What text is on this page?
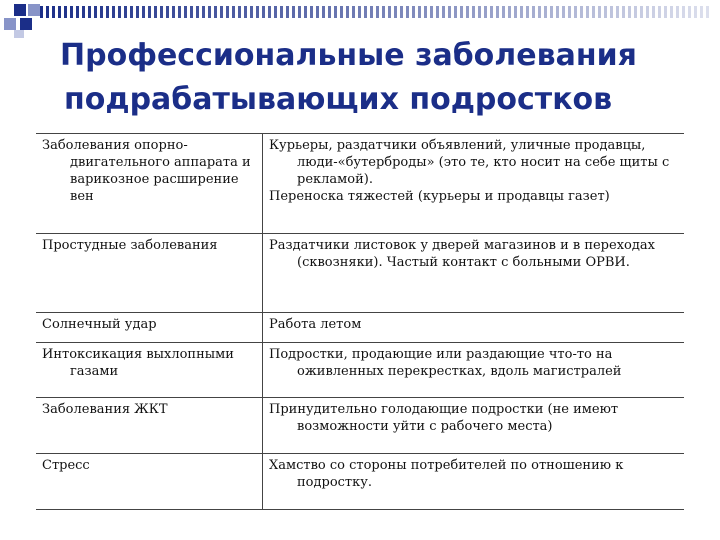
Профессиональные заболевания
подрабатывающих подростков
Заболевания опорно-двигательного аппарата и варикозное расширение вен	Курьеры, раздатчики объявлений, уличные продавцы, люди-«бутерброды» (это те, кто носит на себе щиты с рекламой).
Переноска тяжестей (курьеры и продавцы газет)

Простудные заболевания	Раздатчики листовок у дверей магазинов и в переходах (сквозняки). Частый контакт с больными ОРВИ.

Солнечный удар	Работа летом

Интоксикация выхлопными газами	Подростки, продающие или раздающие что-то на оживленных перекрестках, вдоль магистралей

Заболевания ЖКТ	Принудительно голодающие подростки (не имеют возможности уйти с рабочего места)

Стресс	Хамство со стороны потребителей по отношению к подростку.
